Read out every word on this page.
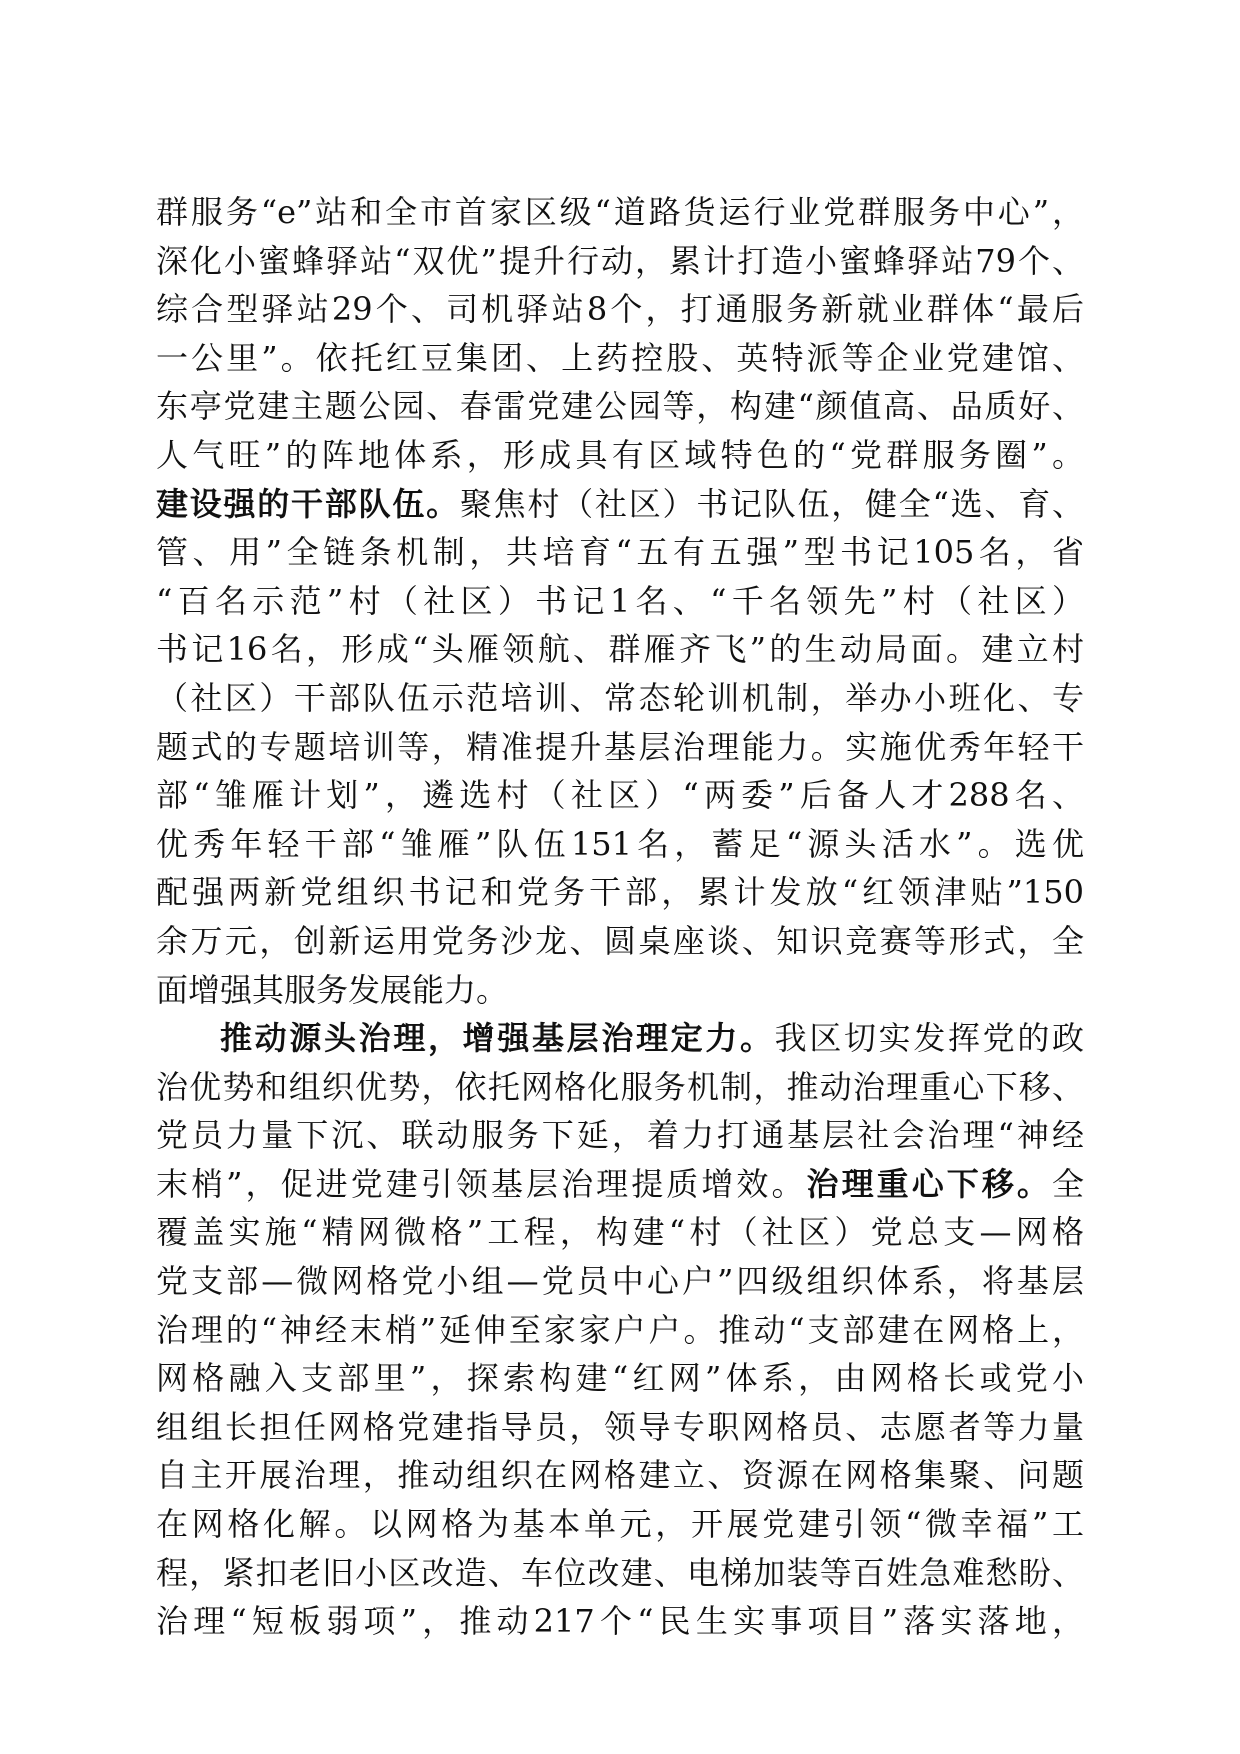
群服务“e”站和全市首家区级“道路货运行业党群服务中心”，
深化小蜜蜂驿站“双优”提升行动，累计打造小蜜蜂驿站79个、
综合型驿站29个、司机驿站8个，打通服务新就业群体“最后
一公里”。依托红豆集团、上药控股、英特派等企业党建馆、
东亭党建主题公园、春雷党建公园等，构建“颜值高、品质好、
人气旺”的阵地体系，形成具有区域特色的“党群服务圈”。
建设强的干部队伍。聚焦村（社区）书记队伍，健全“选、育、
管、用”全链条机制，共培育“五有五强”型书记105名，省
“百名示范”村（社区）书记1名、“千名领先”村（社区）
书记16名，形成“头雁领航、群雁齐飞”的生动局面。建立村
（社区）干部队伍示范培训、常态轮训机制，举办小班化、专
题式的专题培训等，精准提升基层治理能力。实施优秀年轻干
部“雏雁计划”，遴选村（社区）“两委”后备人才288名、
优秀年轻干部“雏雁”队伍151名，蓄足“源头活水”。选优
配强两新党组织书记和党务干部，累计发放“红领津贴”150
余万元，创新运用党务沙龙、圆桌座谈、知识竞赛等形式，全
面增强其服务发展能力。
推动源头治理，增强基层治理定力。我区切实发挥党的政
治优势和组织优势，依托网格化服务机制，推动治理重心下移、
党员力量下沉、联动服务下延，着力打通基层社会治理“神经
末梢”，促进党建引领基层治理提质增效。治理重心下移。全
覆盖实施“精网微格”工程，构建“村（社区）党总支—网格
党支部—微网格党小组—党员中心户”四级组织体系，将基层
治理的“神经末梢”延伸至家家户户。推动“支部建在网格上，
网格融入支部里”，探索构建“红网”体系，由网格长或党小
组组长担任网格党建指导员，领导专职网格员、志愿者等力量
自主开展治理，推动组织在网格建立、资源在网格集聚、问题
在网格化解。以网格为基本单元，开展党建引领“微幸福”工
程，紧扣老旧小区改造、车位改建、电梯加装等百姓急难愁盼、
治理“短板弱项”，推动217个“民生实事项目”落实落地，
